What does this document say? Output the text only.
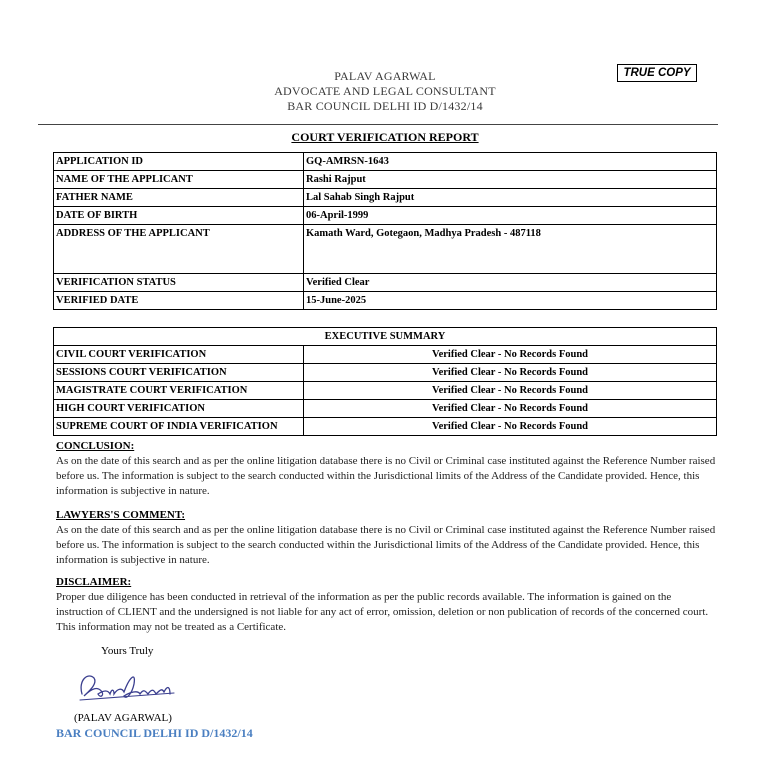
PALAV AGARWAL
ADVOCATE AND LEGAL CONSULTANT
BAR COUNCIL DELHI ID D/1432/14
TRUE COPY
COURT VERIFICATION REPORT
APPLICATION ID	GQ-AMRSN-1643
NAME OF THE APPLICANT	Rashi Rajput
FATHER NAME	Lal Sahab Singh Rajput
DATE OF BIRTH	06-April-1999
ADDRESS OF THE APPLICANT	Kamath Ward, Gotegaon, Madhya Pradesh - 487118
VERIFICATION STATUS	Verified Clear
VERIFIED DATE	15-June-2025
EXECUTIVE SUMMARY	
CIVIL COURT VERIFICATION	Verified Clear - No Records Found
SESSIONS COURT VERIFICATION	Verified Clear - No Records Found
MAGISTRATE COURT VERIFICATION	Verified Clear - No Records Found
HIGH COURT VERIFICATION	Verified Clear - No Records Found
SUPREME COURT OF INDIA VERIFICATION	Verified Clear - No Records Found
CONCLUSION:
As on the date of this search and as per the online litigation database there is no Civil or Criminal case instituted against the Reference Number raised before us. The information is subject to the search conducted within the Jurisdictional limits of the Address of the Candidate provided. Hence, this information is subjective in nature.
LAWYERS'S COMMENT:
As on the date of this search and as per the online litigation database there is no Civil or Criminal case instituted against the Reference Number raised before us. The information is subject to the search conducted within the Jurisdictional limits of the Address of the Candidate provided. Hence, this information is subjective in nature.
DISCLAIMER:
Proper due diligence has been conducted in retrieval of the information as per the public records available. The information is gained on the instruction of CLIENT and the undersigned is not liable for any act of error, omission, deletion or non publication of records of the concerned court. This information may not be treated as a Certificate.
Yours Truly
(PALAV AGARWAL)
BAR COUNCIL DELHI ID D/1432/14
